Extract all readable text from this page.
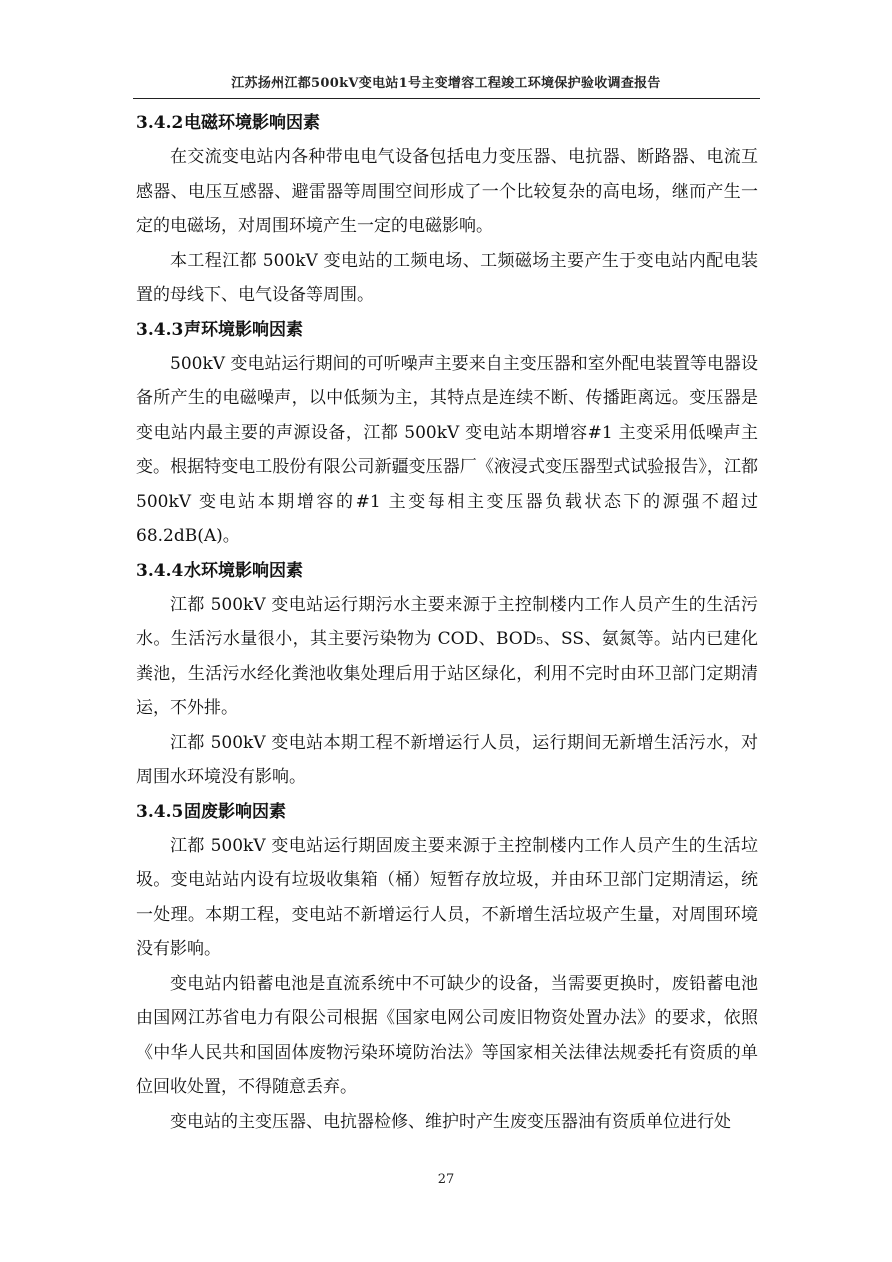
江苏扬州江都500kV变电站1号主变增容工程竣工环境保护验收调查报告
3.4.2电磁环境影响因素

在交流变电站内各种带电电气设备包括电力变压器、电抗器、断路器、电流互感器、电压互感器、避雷器等周围空间形成了一个比较复杂的高电场，继而产生一定的电磁场，对周围环境产生一定的电磁影响。

本工程江都 500kV 变电站的工频电场、工频磁场主要产生于变电站内配电装置的母线下、电气设备等周围。

3.4.3声环境影响因素

500kV 变电站运行期间的可听噪声主要来自主变压器和室外配电装置等电器设备所产生的电磁噪声，以中低频为主，其特点是连续不断、传播距离远。变压器是变电站内最主要的声源设备，江都 500kV 变电站本期增容#1 主变采用低噪声主变。根据特变电工股份有限公司新疆变压器厂《液浸式变压器型式试验报告》，江都 500kV 变电站本期增容的#1 主变每相主变压器负载状态下的源强不超过 68.2dB(A)。

3.4.4水环境影响因素

江都 500kV 变电站运行期污水主要来源于主控制楼内工作人员产生的生活污水。生活污水量很小，其主要污染物为 COD、BOD₅、SS、氨氮等。站内已建化粪池，生活污水经化粪池收集处理后用于站区绿化，利用不完时由环卫部门定期清运，不外排。

江都 500kV 变电站本期工程不新增运行人员，运行期间无新增生活污水，对周围水环境没有影响。

3.4.5固废影响因素

江都 500kV 变电站运行期固废主要来源于主控制楼内工作人员产生的生活垃圾。变电站站内设有垃圾收集箱（桶）短暂存放垃圾，并由环卫部门定期清运，统一处理。本期工程，变电站不新增运行人员，不新增生活垃圾产生量，对周围环境没有影响。

变电站内铅蓄电池是直流系统中不可缺少的设备，当需要更换时，废铅蓄电池由国网江苏省电力有限公司根据《国家电网公司废旧物资处置办法》的要求，依照《中华人民共和国固体废物污染环境防治法》等国家相关法律法规委托有资质的单位回收处置，不得随意丢弃。

变电站的主变压器、电抗器检修、维护时产生废变压器油有资质单位进行处

27
